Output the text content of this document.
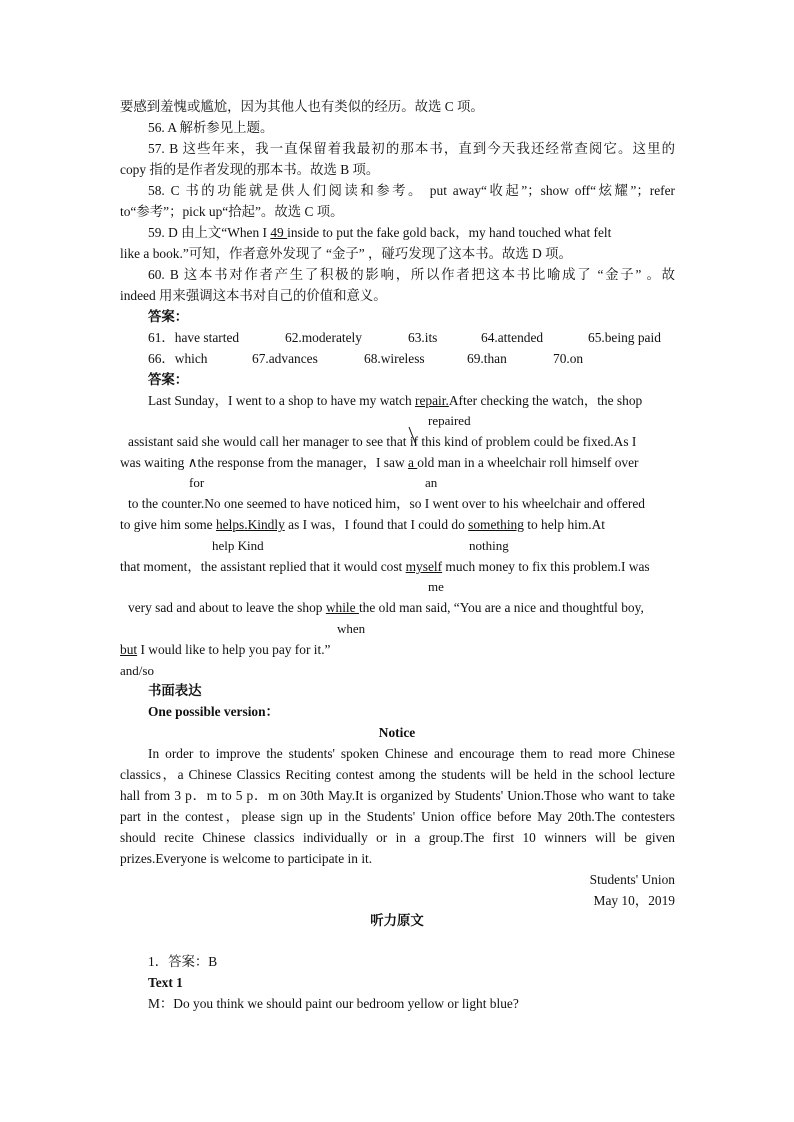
要感到羞愧或尴尬，因为其他人也有类似的经历。故选 C 项。
56. A 解析参见上题。
57. B 这些年来，我一直保留着我最初的那本书，直到今天我还经常查阅它。这里的
copy 指的是作者发现的那本书。故选 B 项。
58. C 书的功能就是供人们阅读和参考。 put away“收起”；show off“炫耀”；refer
to“参考”；pick up“拾起”。故选 C 项。
59. D 由上文“When I 49 inside to put the fake gold back，my hand touched what felt
like a book.”可知，作者意外发现了 “金子” ，碰巧发现了这本书。故选 D 项。
60. B 这本书对作者产生了积极的影响，所以作者把这本书比喻成了 “金子” 。故
indeed 用来强调这本书对自己的价值和意义。
答案：
61．have started	62.moderately	63.its	64.attended	65.being paid
66．which	67.advances	68.wireless	69.than	70.on
答案：
Last Sunday，I went to a shop to have my watch repair.After checking the watch，the shop
repaired
assistant said she would call her manager to see that if this kind of problem could be fixed.As I
was waiting ∧the response from the manager，I saw a old man in a wheelchair roll himself over
for	an
to the counter.No one seemed to have noticed him，so I went over to his wheelchair and offered
to give him some helps.Kindly as I was，I found that I could do something to help him.At
help Kind	nothing
that moment，the assistant replied that it would cost myself much money to fix this problem.I was
me
very sad and about to leave the shop while the old man said, “You are a nice and thoughtful boy,
when
but I would like to help you pay for it.”
and/so
书面表达
One possible version：
Notice
In order to improve the students' spoken Chinese and encourage them to read more Chinese
classics，a Chinese Classics Reciting contest among the students will be held in the school lecture
hall from 3 p．m to 5 p．m on 30th May.It is organized by Students' Union.Those who want to take
part in the contest，please sign up in the Students' Union office before May 20th.The contesters
should recite Chinese classics individually or in a group.The first 10 winners will be given
prizes.Everyone is welcome to participate in it.
Students' Union
May 10，2019
听力原文
1．答案：B
Text 1
M：Do you think we should paint our bedroom yellow or light blue?
